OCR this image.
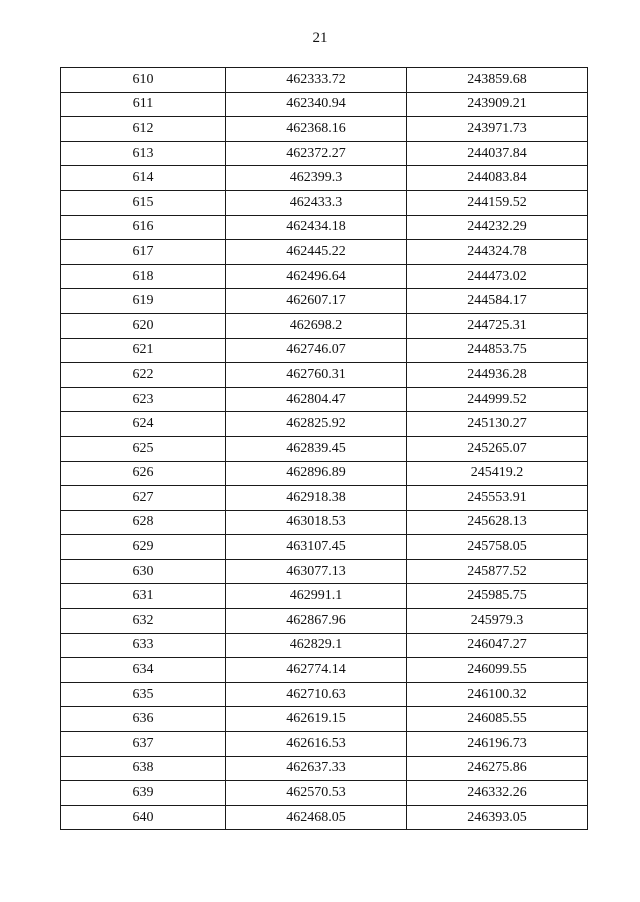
21
610	462333.72	243859.68
611	462340.94	243909.21
612	462368.16	243971.73
613	462372.27	244037.84
614	462399.3	244083.84
615	462433.3	244159.52
616	462434.18	244232.29
617	462445.22	244324.78
618	462496.64	244473.02
619	462607.17	244584.17
620	462698.2	244725.31
621	462746.07	244853.75
622	462760.31	244936.28
623	462804.47	244999.52
624	462825.92	245130.27
625	462839.45	245265.07
626	462896.89	245419.2
627	462918.38	245553.91
628	463018.53	245628.13
629	463107.45	245758.05
630	463077.13	245877.52
631	462991.1	245985.75
632	462867.96	245979.3
633	462829.1	246047.27
634	462774.14	246099.55
635	462710.63	246100.32
636	462619.15	246085.55
637	462616.53	246196.73
638	462637.33	246275.86
639	462570.53	246332.26
640	462468.05	246393.05
